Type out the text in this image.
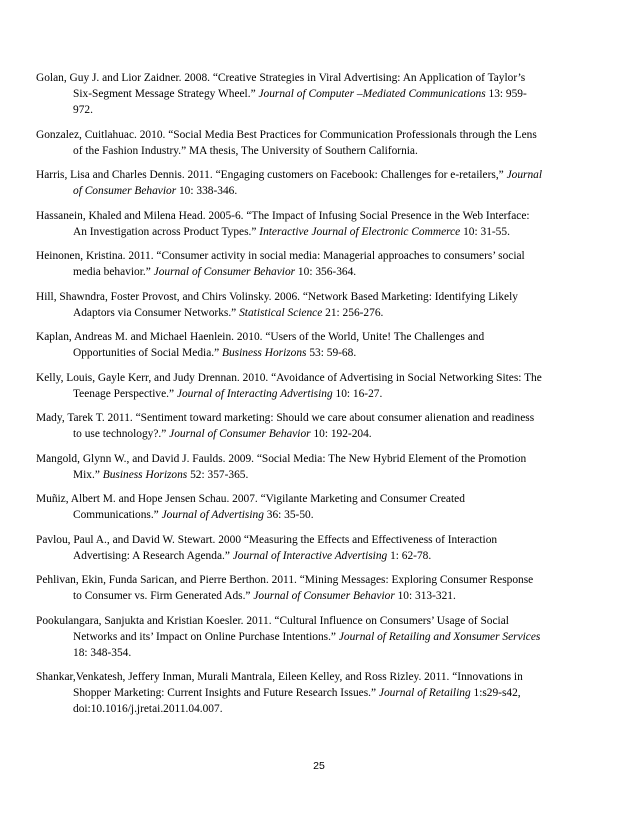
Golan, Guy J. and Lior Zaidner. 2008. “Creative Strategies in Viral Advertising: An Application of Taylor’s Six-Segment Message Strategy Wheel.” Journal of Computer –Mediated Communications 13: 959-972.

Gonzalez, Cuitlahuac. 2010. “Social Media Best Practices for Communication Professionals through the Lens of the Fashion Industry.” MA thesis, The University of Southern California.

Harris, Lisa and Charles Dennis. 2011. “Engaging customers on Facebook: Challenges for e-retailers,” Journal of Consumer Behavior 10: 338-346.

Hassanein, Khaled and Milena Head. 2005-6. “The Impact of Infusing Social Presence in the Web Interface: An Investigation across Product Types.” Interactive Journal of Electronic Commerce 10: 31-55.

Heinonen, Kristina. 2011. “Consumer activity in social media: Managerial approaches to consumers’ social media behavior.” Journal of Consumer Behavior 10: 356-364.

Hill, Shawndra, Foster Provost, and Chirs Volinsky. 2006. “Network Based Marketing: Identifying Likely Adaptors via Consumer Networks.” Statistical Science 21: 256-276.

Kaplan, Andreas M. and Michael Haenlein. 2010. “Users of the World, Unite! The Challenges and Opportunities of Social Media.” Business Horizons 53: 59-68.

Kelly, Louis, Gayle Kerr, and Judy Drennan. 2010. “Avoidance of Advertising in Social Networking Sites: The Teenage Perspective.” Journal of Interacting Advertising 10: 16-27.

Mady, Tarek T. 2011. “Sentiment toward marketing: Should we care about consumer alienation and readiness to use technology?.” Journal of Consumer Behavior 10: 192-204.

Mangold, Glynn W., and David J. Faulds. 2009. “Social Media: The New Hybrid Element of the Promotion Mix.” Business Horizons 52: 357-365.

Muñiz, Albert M. and Hope Jensen Schau. 2007. “Vigilante Marketing and Consumer Created Communications.” Journal of Advertising 36: 35-50.

Pavlou, Paul A., and David W. Stewart. 2000 “Measuring the Effects and Effectiveness of Interaction Advertising: A Research Agenda.” Journal of Interactive Advertising 1: 62-78.

Pehlivan, Ekin, Funda Sarican, and Pierre Berthon. 2011. “Mining Messages: Exploring Consumer Response to Consumer vs. Firm Generated Ads.” Journal of Consumer Behavior 10: 313-321.

Pookulangara, Sanjukta and Kristian Koesler. 2011. “Cultural Influence on Consumers’ Usage of Social Networks and its’ Impact on Online Purchase Intentions.” Journal of Retailing and Xonsumer Services 18: 348-354.

Shankar,Venkatesh, Jeffery Inman, Murali Mantrala, Eileen Kelley, and Ross Rizley. 2011. “Innovations in Shopper Marketing: Current Insights and Future Research Issues.” Journal of Retailing 1:s29-s42, doi:10.1016/j.jretai.2011.04.007.

25
